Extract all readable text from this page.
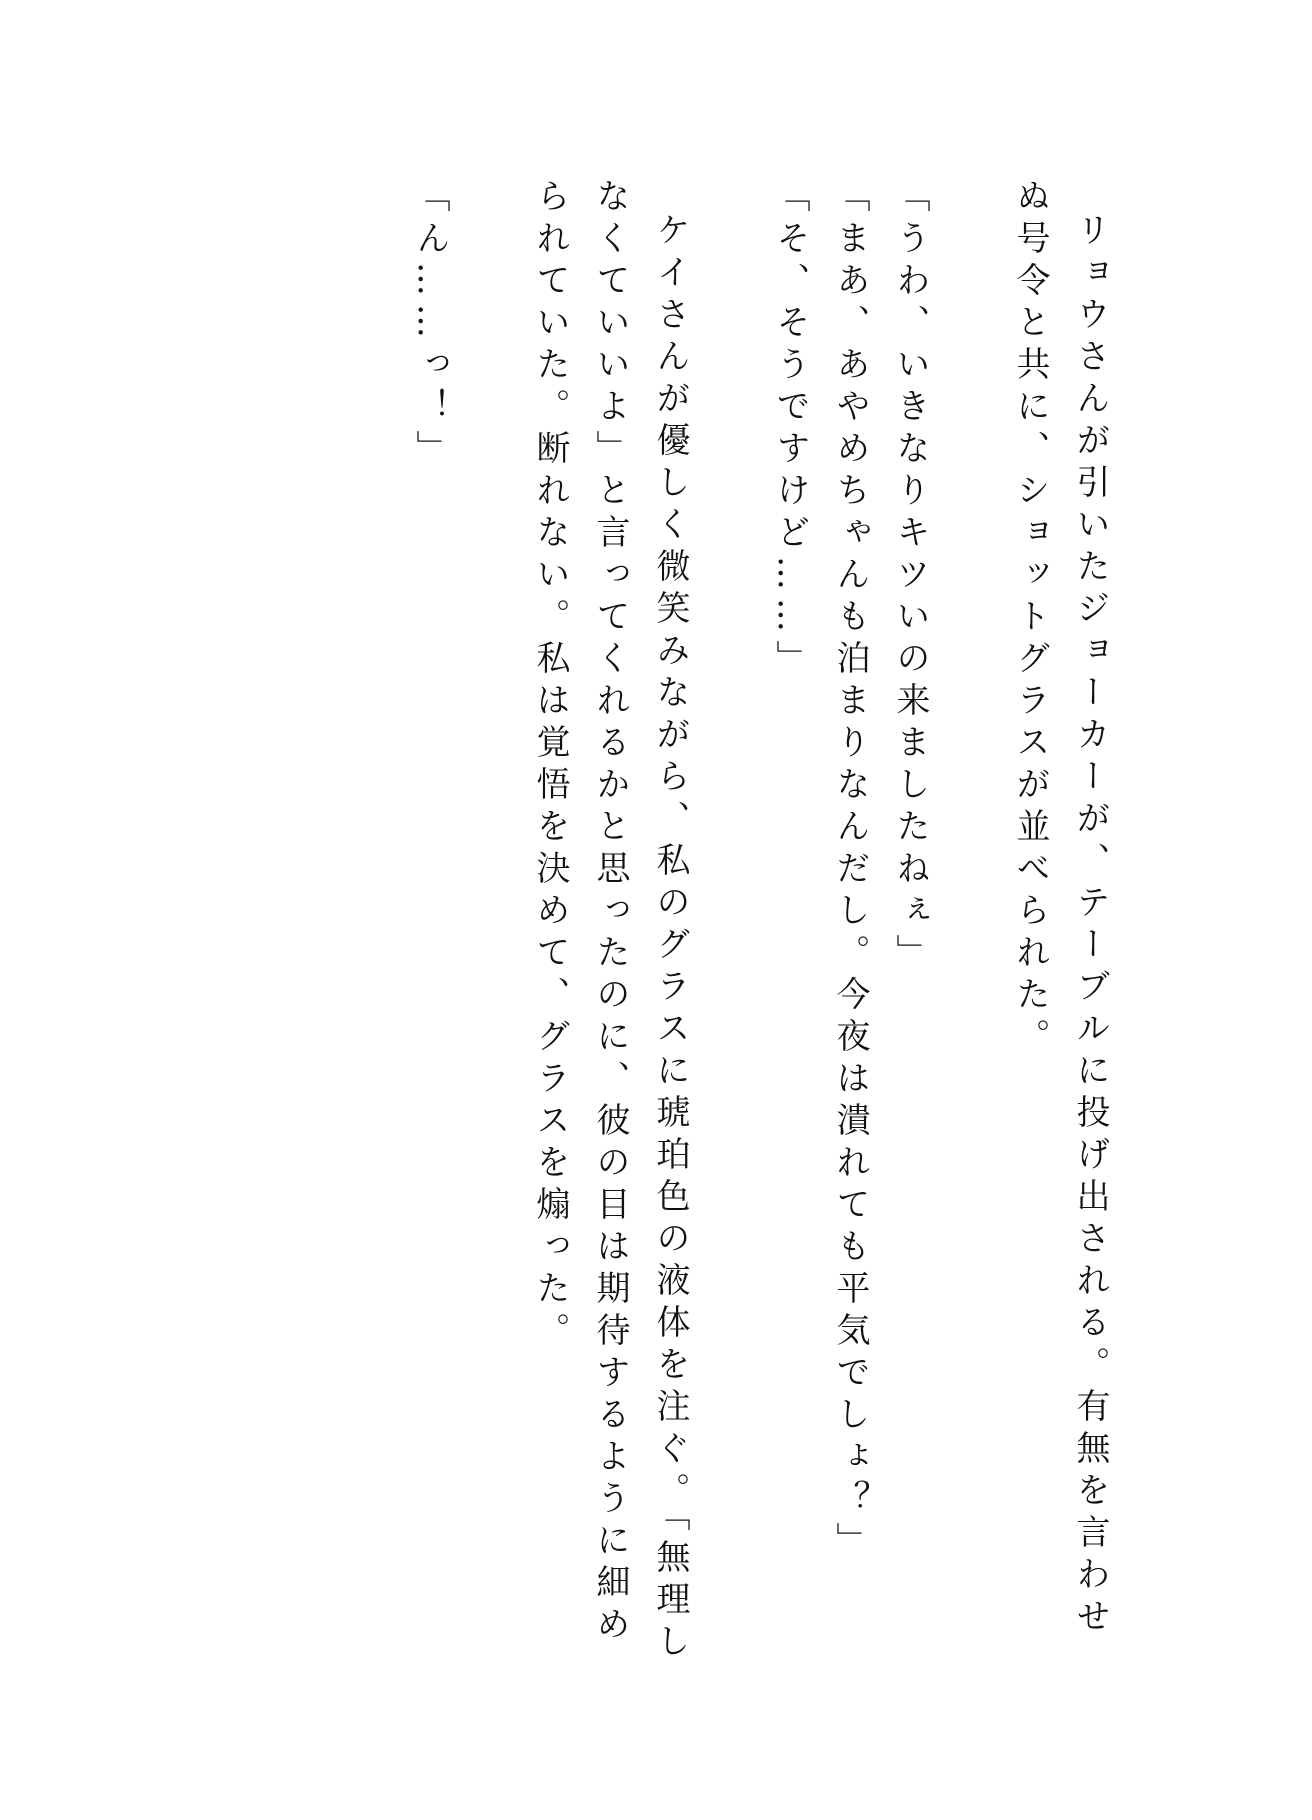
リョウさんが引いたジョーカーが、テーブルに投げ出される。有無を言わせぬ号令と共に、ショットグラスが並べられた。

「うわ、いきなりキツいの来ましたねぇ」

「まあ、あやめちゃんも泊まりなんだし。今夜は潰れても平気でしょ？」

「そ、そうですけど……」

ケイさんが優しく微笑みながら、私のグラスに琥珀色の液体を注ぐ。「無理しなくていいよ」と言ってくれるかと思ったのに、彼の目は期待するように細められていた。断れない。私は覚悟を決めて、グラスを煽った。

「ん……っ！」
